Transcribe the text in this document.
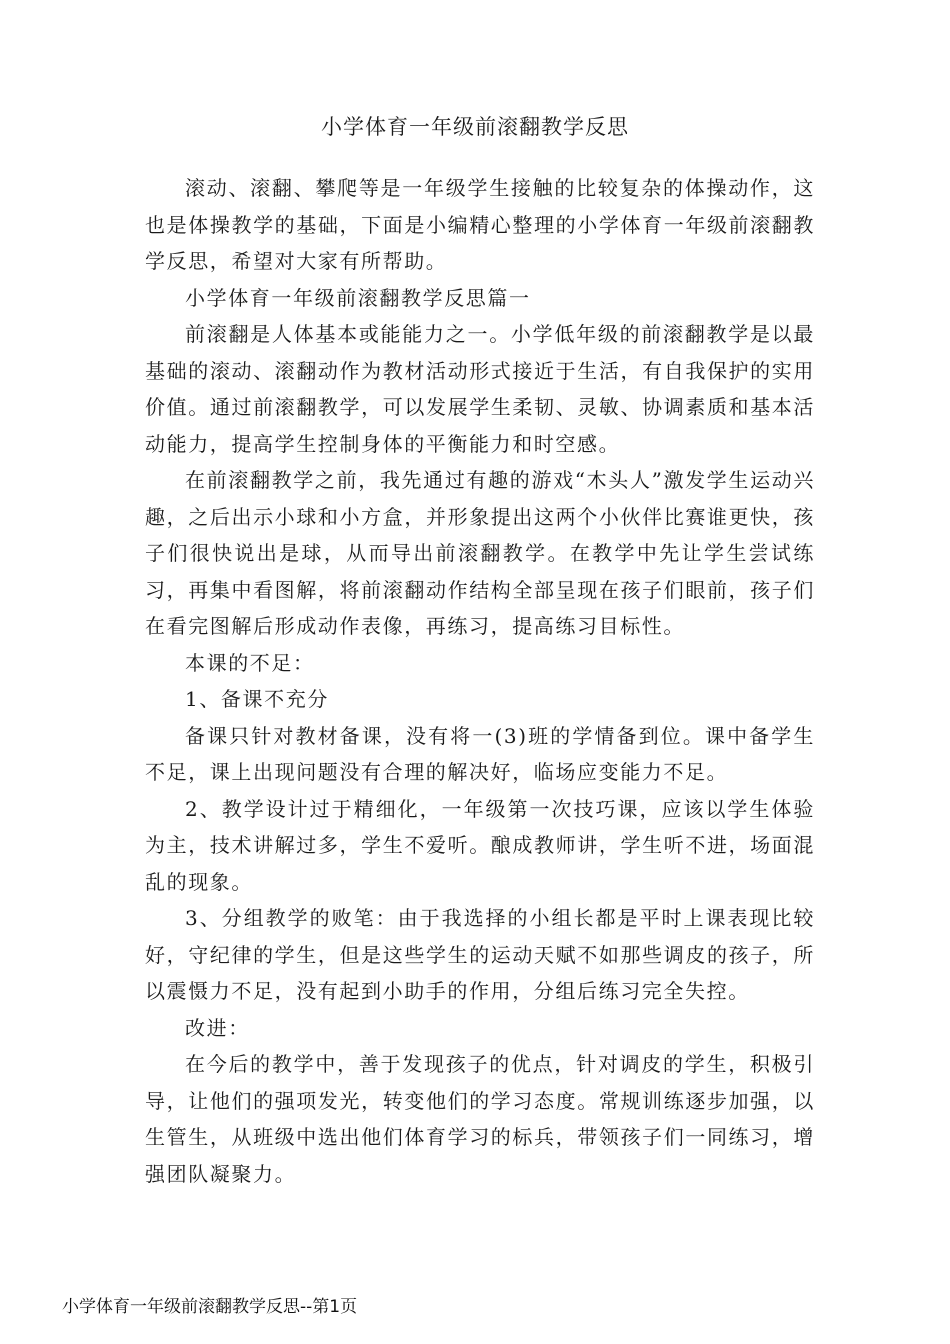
小学体育一年级前滚翻教学反思

滚动、滚翻、攀爬等是一年级学生接触的比较复杂的体操动作，这也是体操教学的基础，下面是小编精心整理的小学体育一年级前滚翻教学反思，希望对大家有所帮助。

小学体育一年级前滚翻教学反思篇一

前滚翻是人体基本或能能力之一。小学低年级的前滚翻教学是以最基础的滚动、滚翻动作为教材活动形式接近于生活，有自我保护的实用价值。通过前滚翻教学，可以发展学生柔韧、灵敏、协调素质和基本活动能力，提高学生控制身体的平衡能力和时空感。

在前滚翻教学之前，我先通过有趣的游戏“木头人”激发学生运动兴趣，之后出示小球和小方盒，并形象提出这两个小伙伴比赛谁更快，孩子们很快说出是球，从而导出前滚翻教学。在教学中先让学生尝试练习，再集中看图解，将前滚翻动作结构全部呈现在孩子们眼前，孩子们在看完图解后形成动作表像，再练习，提高练习目标性。

本课的不足：

1、备课不充分

备课只针对教材备课，没有将一(3)班的学情备到位。课中备学生不足，课上出现问题没有合理的解决好，临场应变能力不足。

2、教学设计过于精细化，一年级第一次技巧课，应该以学生体验为主，技术讲解过多，学生不爱听。酿成教师讲，学生听不进，场面混乱的现象。

3、分组教学的败笔：由于我选择的小组长都是平时上课表现比较好，守纪律的学生，但是这些学生的运动天赋不如那些调皮的孩子，所以震慑力不足，没有起到小助手的作用，分组后练习完全失控。

改进：

在今后的教学中，善于发现孩子的优点，针对调皮的学生，积极引导，让他们的强项发光，转变他们的学习态度。常规训练逐步加强，以生管生，从班级中选出他们体育学习的标兵，带领孩子们一同练习，增强团队凝聚力。

小学体育一年级前滚翻教学反思--第1页
